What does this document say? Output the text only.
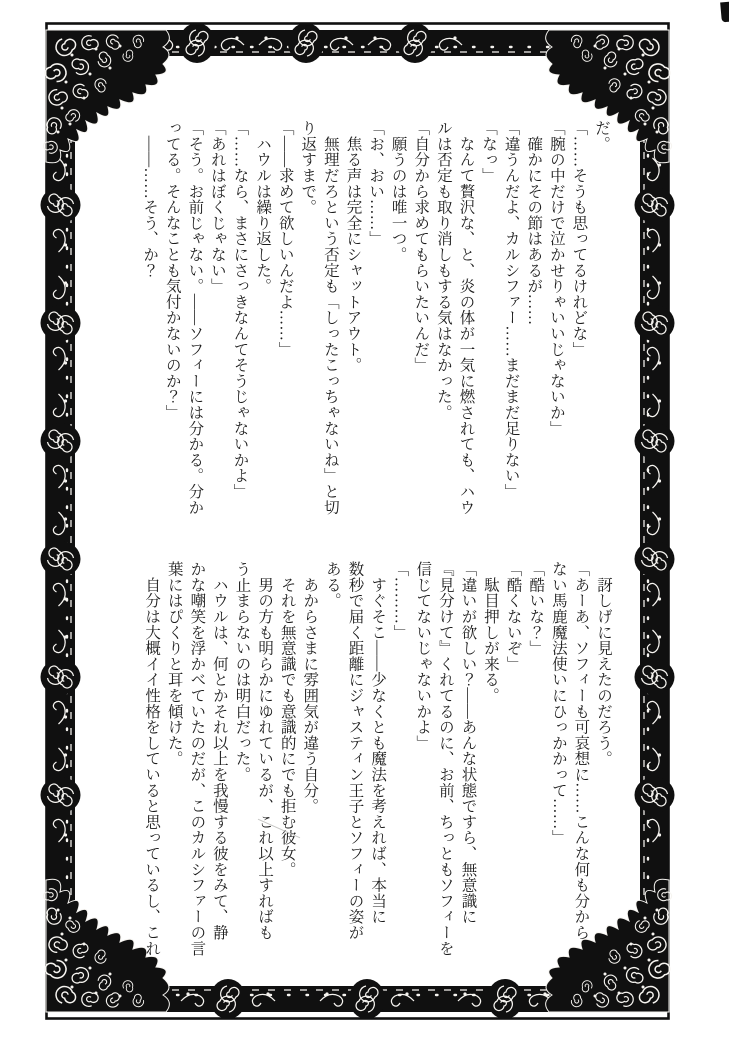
だ。

「……そうも思ってるけれどな」

「腕の中だけで泣かせりゃいいじゃないか」

　確かにその節はあるが……

「違うんだよ、カルシファー……まだまだ足りない」

「なっ」

　なんて贅沢な、と、炎の体が一気に燃されても、ハウ

ルは否定も取り消しもする気はなかった。

「自分から求めてもらいたいんだ」

　願うのは唯一つ。

「お、おい……」

　焦る声は完全にシャットアウト。

　無理だろという否定も「しったこっちゃないね」と切

り返すまで。

「——求めて欲しいんだよ……」

　ハウルは繰り返した。

「……なら、まさにさっきなんてそうじゃないかよ」

「あれはぼくじゃない」

「そう。お前じゃない。——ソフィーには分かる。分か

ってる。そんなことも気付かないのか？」

　——……そう、か？

　訝しげに見えたのだろう。

「あーあ、ソフィーも可哀想に……こんな何も分から

ない馬鹿魔法使いにひっかかって……」

「酷いな？」

「酷くないぞ」

　駄目押しが来る。

「違いが欲しい？——あんな状態ですら、無意識に

『見分けて』くれてるのに、お前、ちっともソフィーを

信じてないじゃないかよ」

「………」

　すぐそこ——少なくとも魔法を考えれば、本当に

数秒で届く距離にジャスティン王子とソフィーの姿が

ある。

　あからさまに雰囲気が違う自分。

　それを無意識でも意識的にでも拒む彼女。

　男の方も明らかにゆれているが、これ以上すればも

う止まらないのは明白だった。

　ハウルは、何とかそれ以上を我慢する彼をみて、静

かな嘲笑を浮かべていたのだが、このカルシファーの言

葉にはぴくりと耳を傾けた。

　自分は大概イイ性格をしていると思っているし、これ
